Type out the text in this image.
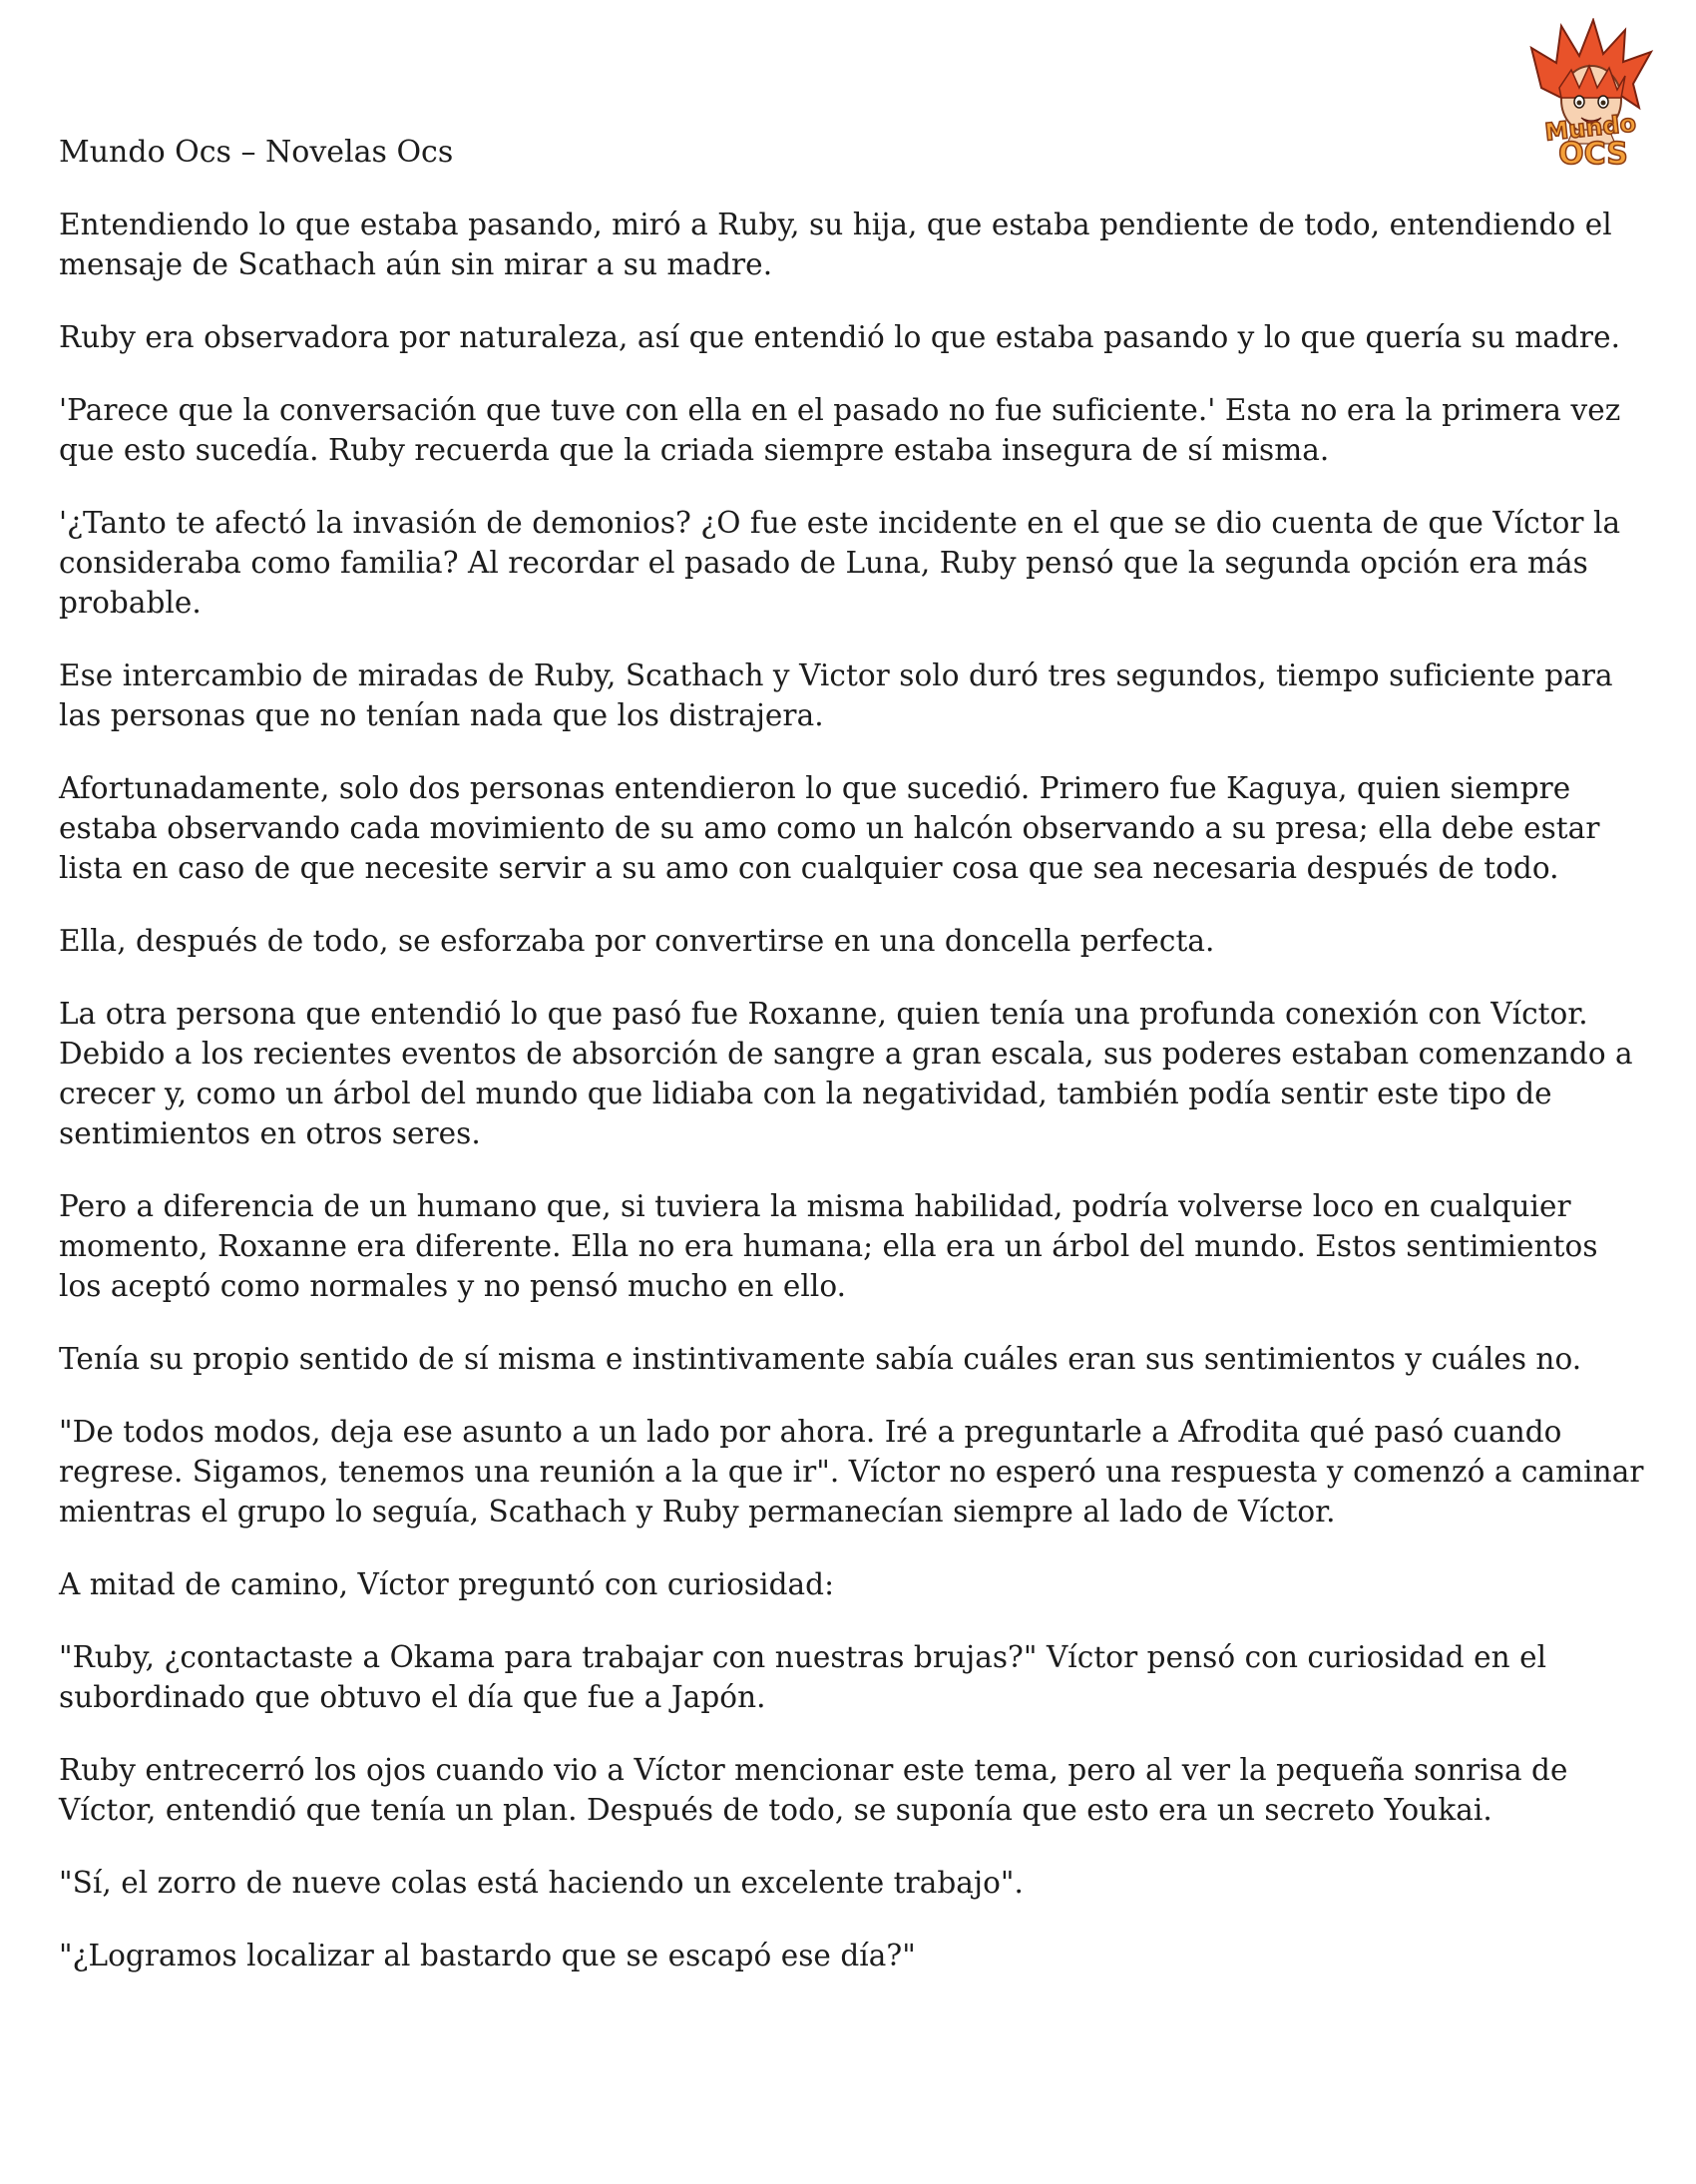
Mundo
OCS
Mundo Ocs – Novelas Ocs

Entendiendo lo que estaba pasando, miró a Ruby, su hija, que estaba pendiente de todo, entendiendo el mensaje de Scathach aún sin mirar a su madre.

Ruby era observadora por naturaleza, así que entendió lo que estaba pasando y lo que quería su madre.

'Parece que la conversación que tuve con ella en el pasado no fue suficiente.' Esta no era la primera vez que esto sucedía. Ruby recuerda que la criada siempre estaba insegura de sí misma.

'¿Tanto te afectó la invasión de demonios? ¿O fue este incidente en el que se dio cuenta de que Víctor la consideraba como familia? Al recordar el pasado de Luna, Ruby pensó que la segunda opción era más probable.

Ese intercambio de miradas de Ruby, Scathach y Victor solo duró tres segundos, tiempo suficiente para las personas que no tenían nada que los distrajera.

Afortunadamente, solo dos personas entendieron lo que sucedió. Primero fue Kaguya, quien siempre estaba observando cada movimiento de su amo como un halcón observando a su presa; ella debe estar lista en caso de que necesite servir a su amo con cualquier cosa que sea necesaria después de todo.

Ella, después de todo, se esforzaba por convertirse en una doncella perfecta.

La otra persona que entendió lo que pasó fue Roxanne, quien tenía una profunda conexión con Víctor. Debido a los recientes eventos de absorción de sangre a gran escala, sus poderes estaban comenzando a crecer y, como un árbol del mundo que lidiaba con la negatividad, también podía sentir este tipo de sentimientos en otros seres.

Pero a diferencia de un humano que, si tuviera la misma habilidad, podría volverse loco en cualquier momento, Roxanne era diferente. Ella no era humana; ella era un árbol del mundo. Estos sentimientos los aceptó como normales y no pensó mucho en ello.

Tenía su propio sentido de sí misma e instintivamente sabía cuáles eran sus sentimientos y cuáles no.

"De todos modos, deja ese asunto a un lado por ahora. Iré a preguntarle a Afrodita qué pasó cuando regrese. Sigamos, tenemos una reunión a la que ir". Víctor no esperó una respuesta y comenzó a caminar mientras el grupo lo seguía, Scathach y Ruby permanecían siempre al lado de Víctor.

A mitad de camino, Víctor preguntó con curiosidad:

"Ruby, ¿contactaste a Okama para trabajar con nuestras brujas?" Víctor pensó con curiosidad en el subordinado que obtuvo el día que fue a Japón.

Ruby entrecerró los ojos cuando vio a Víctor mencionar este tema, pero al ver la pequeña sonrisa de Víctor, entendió que tenía un plan. Después de todo, se suponía que esto era un secreto Youkai.

"Sí, el zorro de nueve colas está haciendo un excelente trabajo".

"¿Logramos localizar al bastardo que se escapó ese día?"
